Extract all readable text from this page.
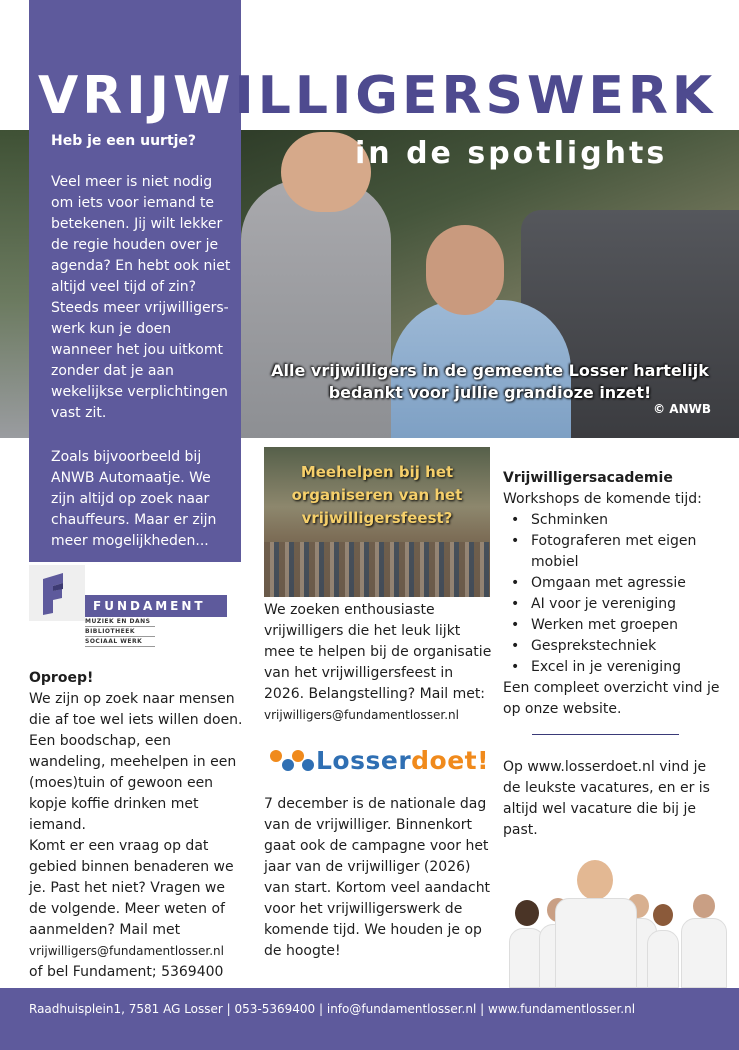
in de spotlights
Alle vrijwilligers in de gemeente Losser hartelijk
bedankt voor jullie grandioze inzet!
© ANWB
VRIJWILLIGERSWERK
Heb je een uurtje?
Veel meer is niet nodig om iets voor iemand te betekenen. Jij wilt lekker de regie houden over je agenda? En hebt ook niet altijd veel tijd of zin? Steeds meer vrijwilligers-werk kun je doen wanneer het jou uitkomt zonder dat je aan wekelijkse verplichtingen vast zit.
Zoals bijvoorbeeld bij ANWB Automaatje. We zijn altijd op zoek naar chauffeurs. Maar er zijn meer mogelijkheden...
FUNDAMENT
MUZIEK EN DANS
BIBLIOTHEEK
SOCIAAL WERK
Oproep!
We zijn op zoek naar mensen die af toe wel iets willen doen. Een boodschap, een wandeling, meehelpen in een (moes)tuin of gewoon een kopje koffie drinken met iemand.
Komt er een vraag op dat gebied binnen benaderen we je. Past het niet? Vragen we de volgende. Meer weten of aanmelden? Mail met
vrijwilligers@fundamentlosser.nl
of bel Fundament; 5369400
Meehelpen bij het
organiseren van het
vrijwilligersfeest?
We zoeken enthousiaste vrijwilligers die het leuk lijkt mee te helpen bij de organisatie van het vrijwilligersfeest in 2026. Belangstelling? Mail met:
vrijwilligers@fundamentlosser.nl
Losserdoet!
7 december is de nationale dag van de vrijwilliger. Binnenkort gaat ook de campagne voor het jaar van de vrijwilliger (2026) van start. Kortom veel aandacht voor het vrijwilligerswerk de komende tijd. We houden je op de hoogte!
Vrijwilligersacademie
Workshops de komende tijd:
• Schminken
• Fotograferen met eigen mobiel
• Omgaan met agressie
• AI voor je vereniging
• Werken met groepen
• Gesprekstechniek
• Excel in je vereniging
Een compleet overzicht vind je op onze website.
Op www.losserdoet.nl vind je de leukste vacatures, en er is altijd wel vacature die bij je past.
Raadhuisplein1, 7581 AG Losser | 053-5369400 | info@fundamentlosser.nl | www.fundamentlosser.nl
